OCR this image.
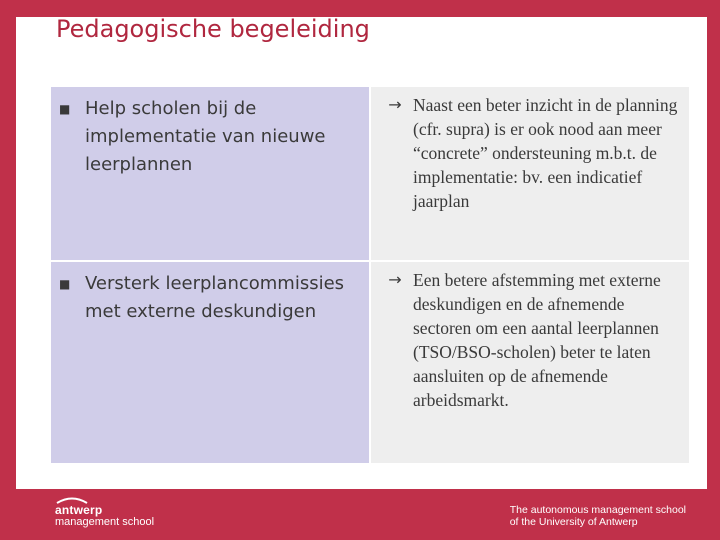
Pedagogische begeleiding
■ Help scholen bij de implementatie van nieuwe leerplannen
→ Naast een beter inzicht in de planning (cfr. supra) is er ook nood aan meer “concrete” ondersteuning m.b.t. de implementatie: bv. een indicatief jaarplan
■ Versterk leerplancommissies met externe deskundigen
→ Een betere afstemming met externe deskundigen en de afnemende sectoren om een aantal leerplannen (TSO/BSO-scholen) beter te laten aansluiten op de afnemende arbeidsmarkt.
antwerp
management school
The autonomous management school
of the University of Antwerp
